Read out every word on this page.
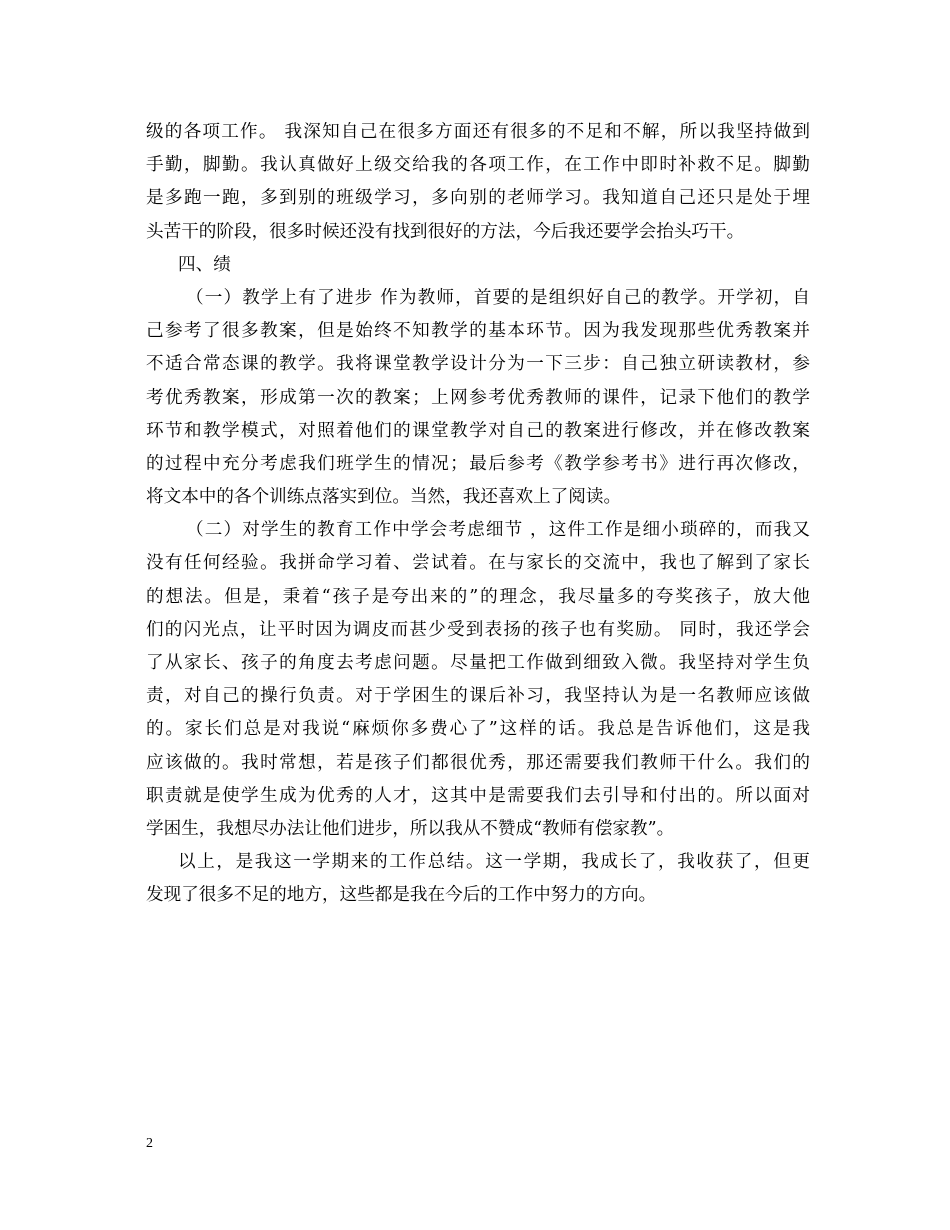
级的各项工作。 我深知自己在很多方面还有很多的不足和不解，所以我坚持做到
手勤，脚勤。我认真做好上级交给我的各项工作，在工作中即时补救不足。脚勤
是多跑一跑，多到别的班级学习，多向别的老师学习。我知道自己还只是处于埋
头苦干的阶段，很多时候还没有找到很好的方法，今后我还要学会抬头巧干。
四、绩
（一）教学上有了进步 作为教师，首要的是组织好自己的教学。开学初，自
己参考了很多教案，但是始终不知教学的基本环节。因为我发现那些优秀教案并
不适合常态课的教学。我将课堂教学设计分为一下三步：自己独立研读教材，参
考优秀教案，形成第一次的教案；上网参考优秀教师的课件，记录下他们的教学
环节和教学模式，对照着他们的课堂教学对自己的教案进行修改，并在修改教案
的过程中充分考虑我们班学生的情况；最后参考《教学参考书》进行再次修改，
将文本中的各个训练点落实到位。当然，我还喜欢上了阅读。
（二）对学生的教育工作中学会考虑细节 ，这件工作是细小琐碎的，而我又
没有任何经验。我拼命学习着、尝试着。在与家长的交流中，我也了解到了家长
的想法。但是，秉着“孩子是夸出来的”的理念，我尽量多的夸奖孩子，放大他
们的闪光点，让平时因为调皮而甚少受到表扬的孩子也有奖励。 同时，我还学会
了从家长、孩子的角度去考虑问题。尽量把工作做到细致入微。我坚持对学生负
责，对自己的操行负责。对于学困生的课后补习，我坚持认为是一名教师应该做
的。家长们总是对我说“麻烦你多费心了”这样的话。我总是告诉他们，这是我
应该做的。我时常想，若是孩子们都很优秀，那还需要我们教师干什么。我们的
职责就是使学生成为优秀的人才，这其中是需要我们去引导和付出的。所以面对
学困生，我想尽办法让他们进步，所以我从不赞成“教师有偿家教”。
以上，是我这一学期来的工作总结。这一学期，我成长了，我收获了，但更
发现了很多不足的地方，这些都是我在今后的工作中努力的方向。
2
